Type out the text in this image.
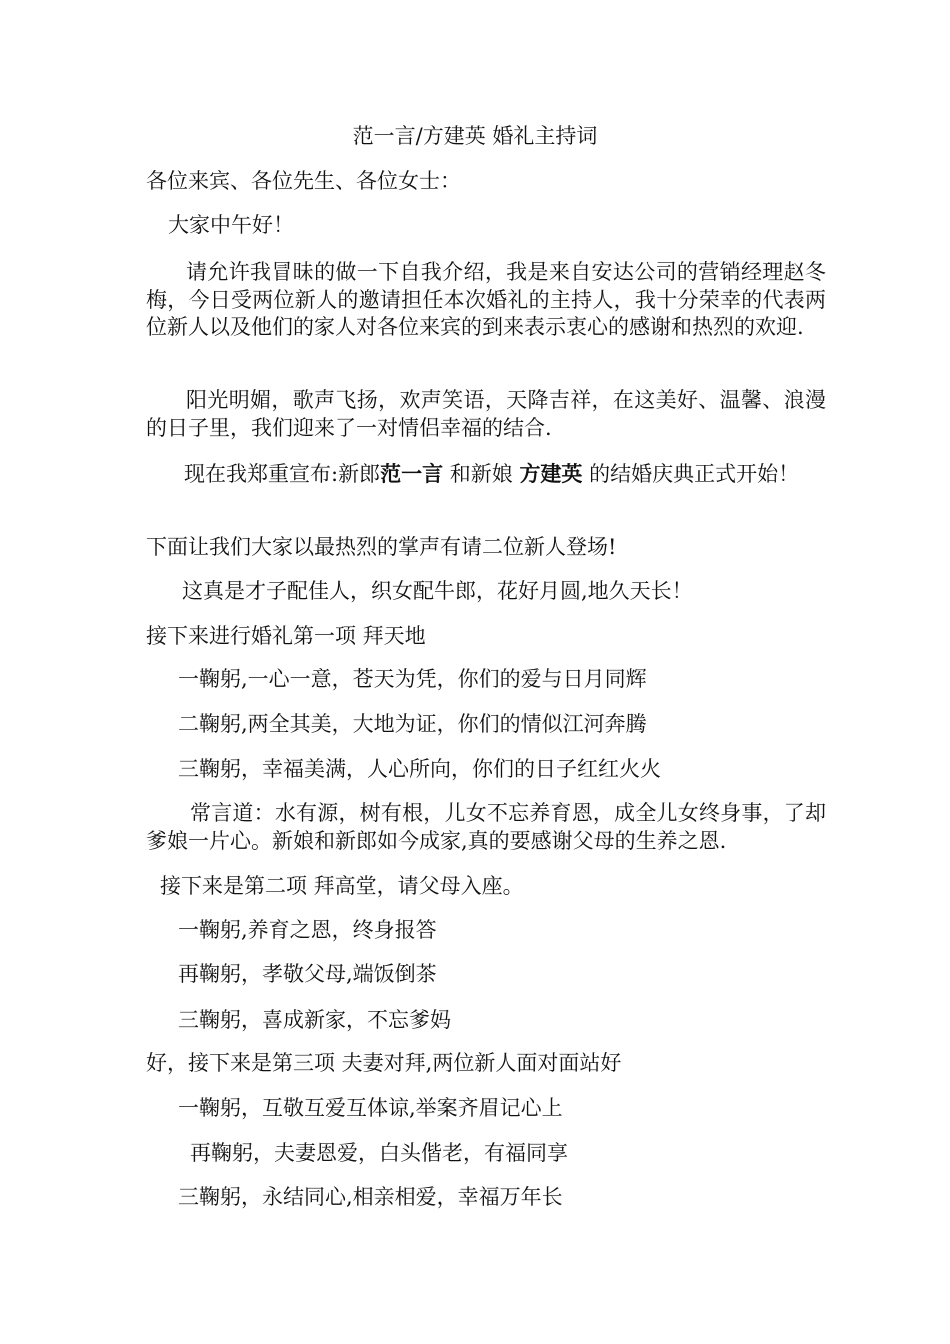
范一言/方建英 婚礼主持词

各位来宾、各位先生、各位女士：

大家中午好！

请允许我冒昧的做一下自我介绍，我是来自安达公司的营销经理赵冬梅，今日受两位新人的邀请担任本次婚礼的主持人，我十分荣幸的代表两位新人以及他们的家人对各位来宾的到来表示衷心的感谢和热烈的欢迎.

阳光明媚，歌声飞扬，欢声笑语，天降吉祥，在这美好、温馨、浪漫的日子里，我们迎来了一对情侣幸福的结合.

现在我郑重宣布:新郎范一言 和新娘 方建英 的结婚庆典正式开始！

下面让我们大家以最热烈的掌声有请二位新人登场!

这真是才子配佳人，织女配牛郎，花好月圆,地久天长！

接下来进行婚礼第一项 拜天地

一鞠躬,一心一意，苍天为凭，你们的爱与日月同辉

二鞠躬,两全其美，大地为证，你们的情似江河奔腾

三鞠躬，幸福美满，人心所向，你们的日子红红火火

常言道：水有源，树有根，儿女不忘养育恩，成全儿女终身事，了却爹娘一片心。新娘和新郎如今成家,真的要感谢父母的生养之恩.

接下来是第二项 拜高堂，请父母入座。

一鞠躬,养育之恩，终身报答

再鞠躬，孝敬父母,端饭倒茶

三鞠躬，喜成新家，不忘爹妈

好，接下来是第三项 夫妻对拜,两位新人面对面站好

一鞠躬，互敬互爱互体谅,举案齐眉记心上

再鞠躬，夫妻恩爱，白头偕老，有福同享

三鞠躬，永结同心,相亲相爱，幸福万年长
